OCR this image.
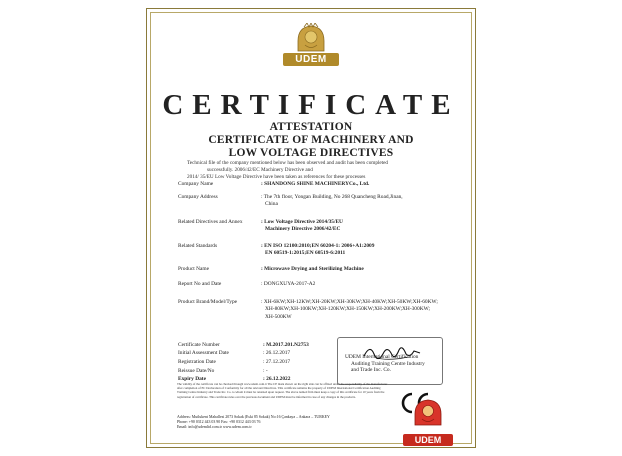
UDEM
CERTIFICATE
ATTESTATION
CERTIFICATE OF MACHINERY AND
LOW VOLTAGE DIRECTIVES
Technical file of the company mentioned below has been observed and audit has been completed
successfully. 2006/42/EC Machinery Directive and
2014/ 35/EU Low Voltage Directive have been taken as references for these processes
Company Name	: SHANDONG SHINE MACHINERYCo., Ltd.
Company Address	: The 7th floor, Yongan Building, No 268 Quancheng Road,Jinan,
China
Related Directives and Annex	: Low Voltage Directive 2014/35/EU
Machinery Directive 2006/42/EC
Related Standards	: EN ISO 12100:2010;EN 60204-1: 2006+A1:2009
EN 60519-1:2015;EN 60519-6:2011
Product Name	: Microwave Drying and Sterilizing Machine
Report No and Date	: DONGXUYA-2017-A2
Product Brand/Model/Type	: XH-6KW;XH-12KW;XH-20KW;XH-30KW;XH-40KW;XH-50KW;XH-60KW;
XH-80KW;XH-100KW;XH-120KW;XH-150KW;XH-200KW;XH-300KW;
XH-500KW
Certificate Number	: M.2017.201.N2753
Initial Assessment Date	: 26.12.2017
Registration Date	: 27.12.2017
Reissue Date/No	: -
Expiry Date	: 26.12.2022
UDEM International Certification
Auditing Training Centre Industry
and Trade Inc. Co.
The validity of the certificate can be checked through www.udem.com.tr The CE mark shown on the right side can be affixed under the responsibility of the manufacturer after completion of EC Declaration of Conformity for all the relevant Directives. This certificate remains the property of UDEM International Certification Auditing Training Centre Industry and Trade Inc. Co. to whom it must be returned upon request. The above named firm must keep a copy of this certificate for 10 years from the registration of certificate. This certificate rules over the previous document and UDEM must be informed in case of any changes in the products.
Address: Mutlukent Mahallesi 2073 Sokak (Eski 85 Sokak) No:16 Çankaya – Ankara – TURKEY
Phone: +90 0312 443 03 90 Fax: +90 0312 443 03 76
Email: info@udemltd.com.tr www.udem.com.tr
UDEM
